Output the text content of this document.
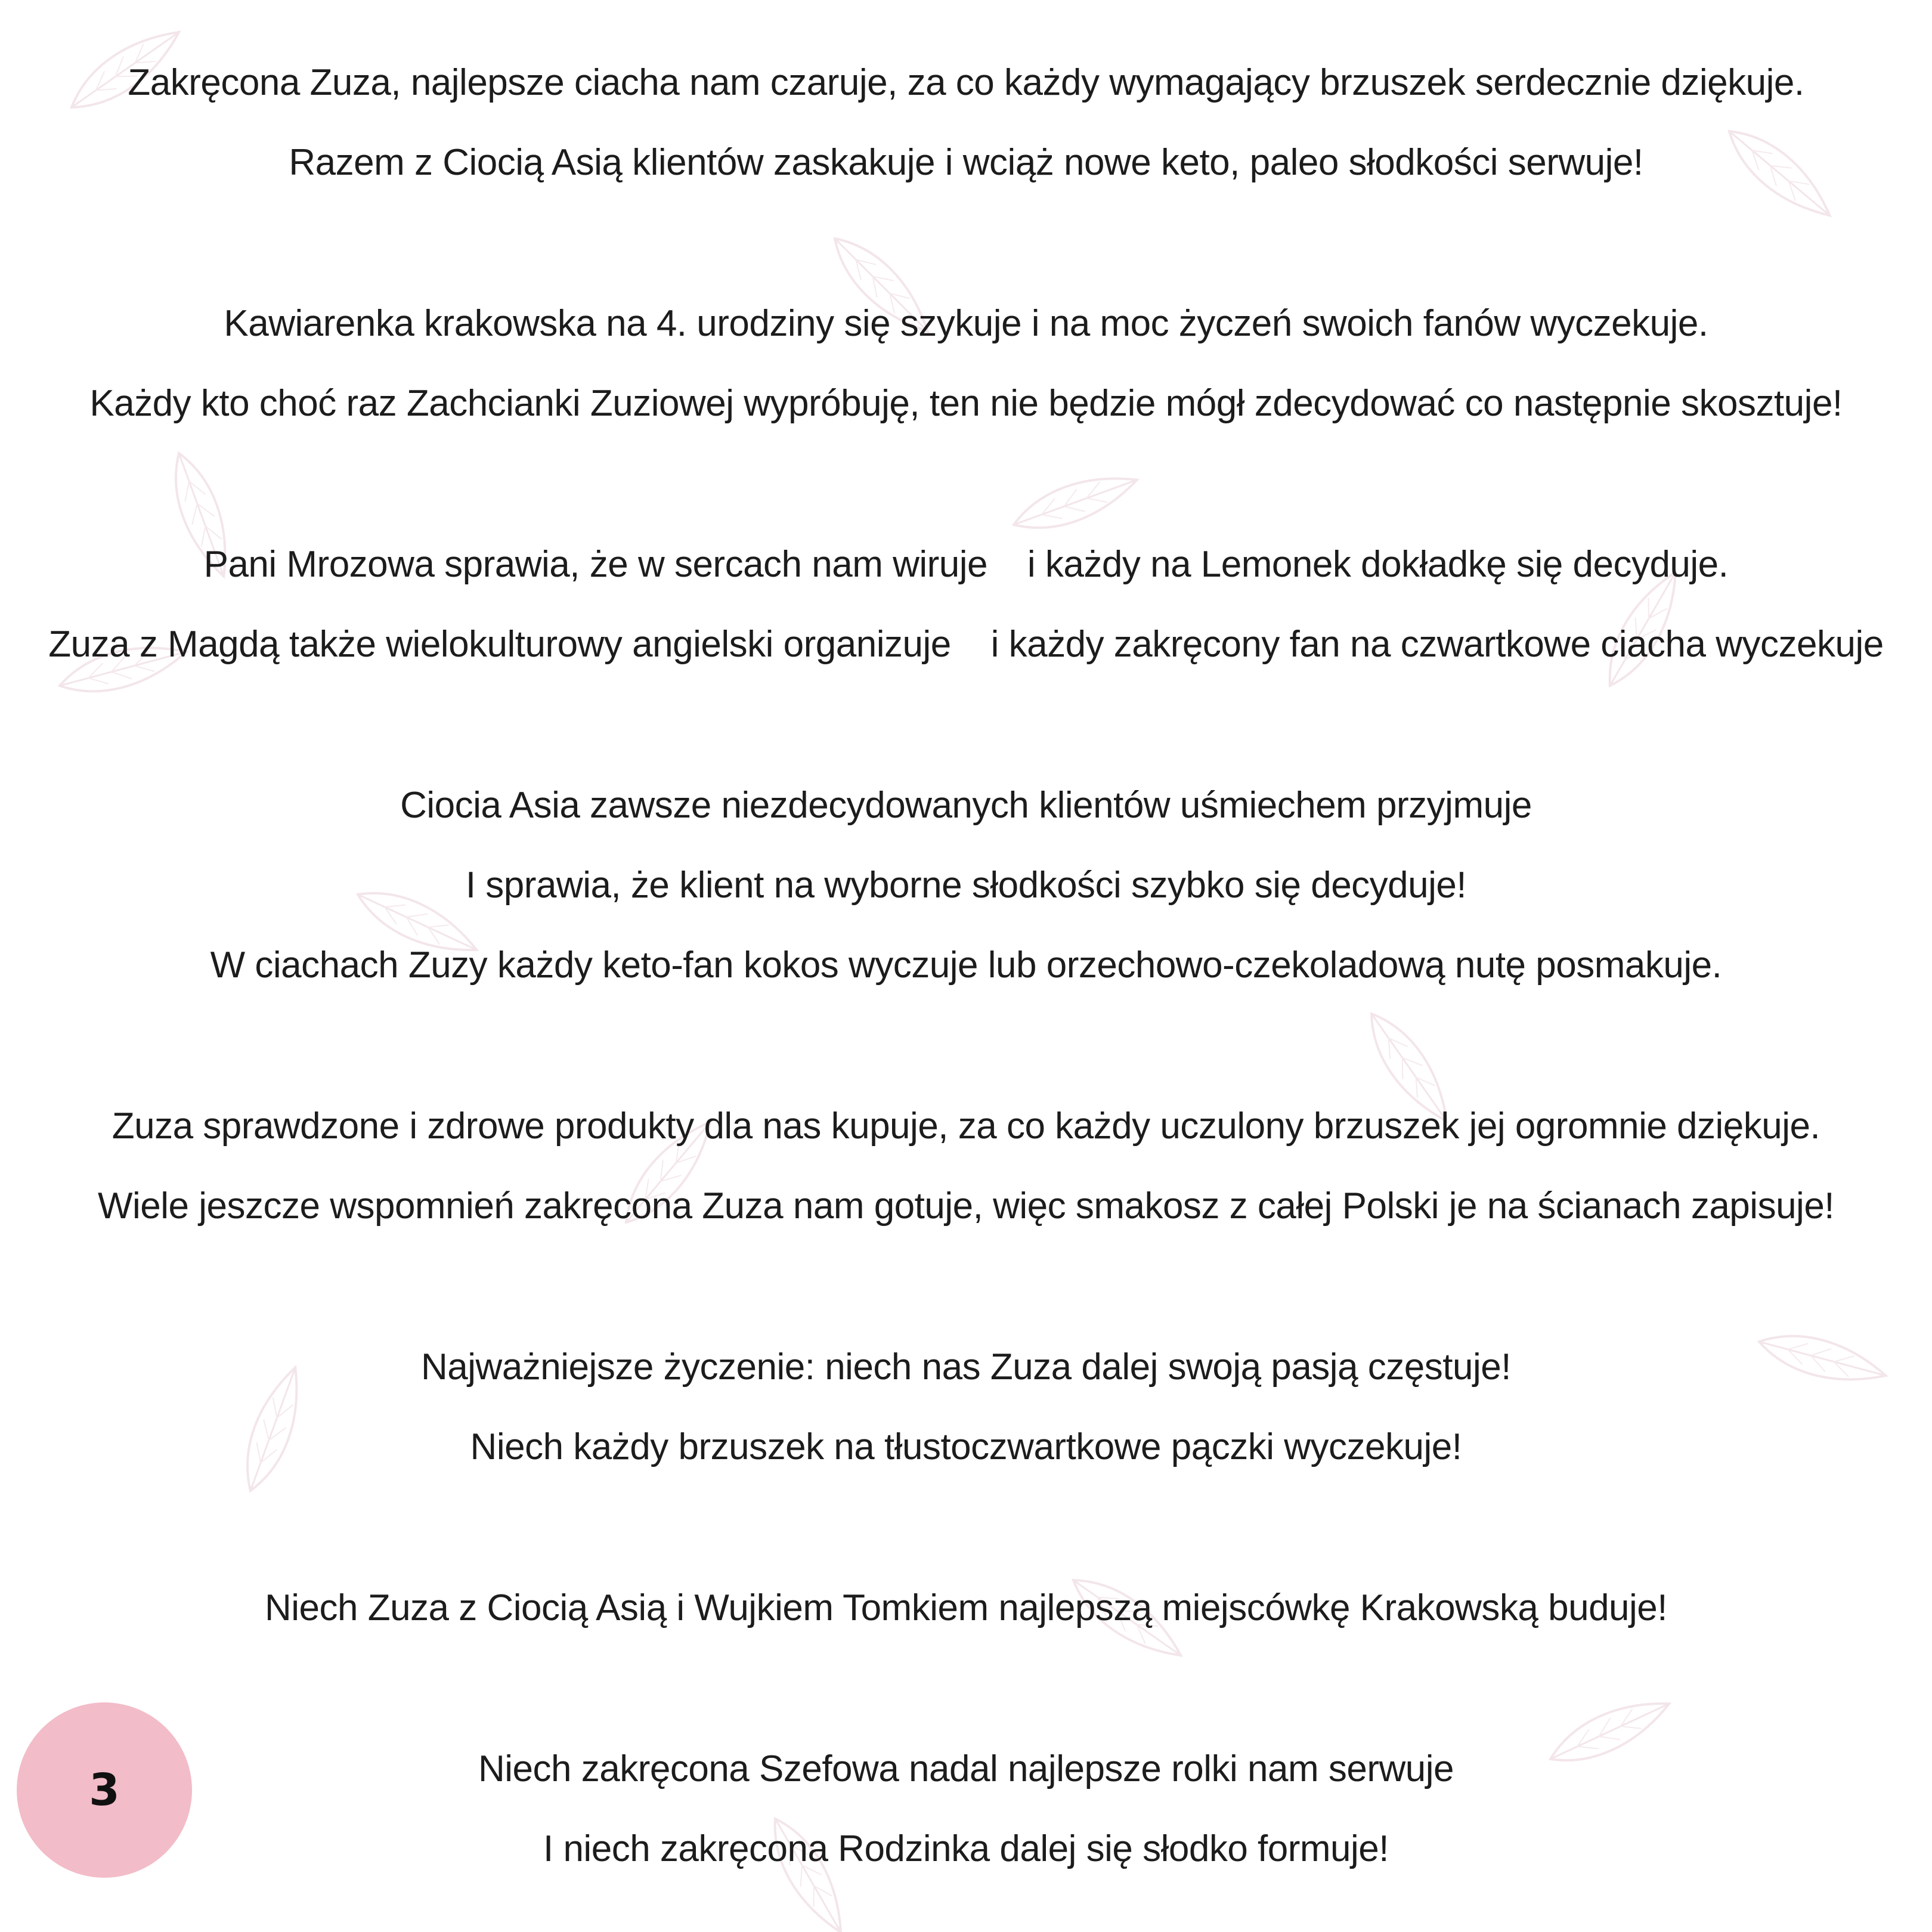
Zakręcona Zuza, najlepsze ciacha nam czaruje, za co każdy wymagający brzuszek serdecznie dziękuje.
Razem z Ciocią Asią klientów zaskakuje i wciąż nowe keto, paleo słodkości serwuje!
Kawiarenka krakowska na 4. urodziny się szykuje i na moc życzeń swoich fanów wyczekuje.
Każdy kto choć raz Zachcianki Zuziowej wypróbuję, ten nie będzie mógł zdecydować co następnie skosztuje!
Pani Mrozowa sprawia, że w sercach nam wiruje    i każdy na Lemonek dokładkę się decyduje.
Zuza z Magdą także wielokulturowy angielski organizuje    i każdy zakręcony fan na czwartkowe ciacha wyczekuje
Ciocia Asia zawsze niezdecydowanych klientów uśmiechem przyjmuje
I sprawia, że klient na wyborne słodkości szybko się decyduje!
W ciachach Zuzy każdy keto-fan kokos wyczuje lub orzechowo-czekoladową nutę posmakuje.
Zuza sprawdzone i zdrowe produkty dla nas kupuje, za co każdy uczulony brzuszek jej ogromnie dziękuje.
Wiele jeszcze wspomnień zakręcona Zuza nam gotuje, więc smakosz z całej Polski je na ścianach zapisuje!
Najważniejsze życzenie: niech nas Zuza dalej swoją pasją częstuje!
Niech każdy brzuszek na tłustoczwartkowe pączki wyczekuje!
Niech Zuza z Ciocią Asią i Wujkiem Tomkiem najlepszą miejscówkę Krakowską buduje!
Niech zakręcona Szefowa nadal najlepsze rolki nam serwuje
I niech zakręcona Rodzinka dalej się słodko formuje!
3
